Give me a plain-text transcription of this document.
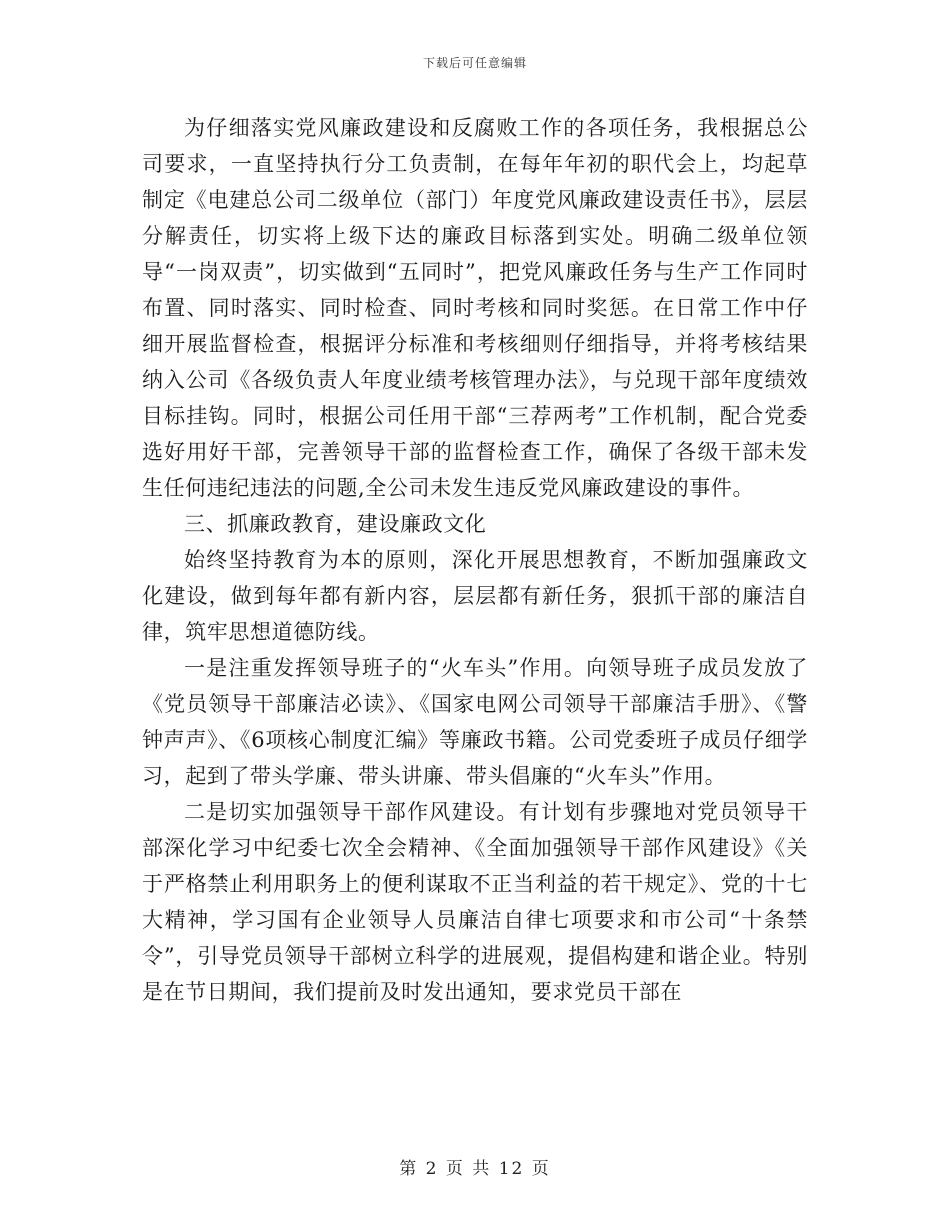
下载后可任意编辑

为仔细落实党风廉政建设和反腐败工作的各项任务，我根据总公司要求，一直坚持执行分工负责制，在每年年初的职代会上，均起草制定《电建总公司二级单位（部门）年度党风廉政建设责任书》，层层分解责任，切实将上级下达的廉政目标落到实处。明确二级单位领导“一岗双责”，切实做到“五同时”，把党风廉政任务与生产工作同时布置、同时落实、同时检查、同时考核和同时奖惩。在日常工作中仔细开展监督检查，根据评分标准和考核细则仔细指导，并将考核结果纳入公司《各级负责人年度业绩考核管理办法》，与兑现干部年度绩效目标挂钩。同时，根据公司任用干部“三荐两考”工作机制，配合党委选好用好干部，完善领导干部的监督检查工作，确保了各级干部未发生任何违纪违法的问题,全公司未发生违反党风廉政建设的事件。

三、抓廉政教育，建设廉政文化

始终坚持教育为本的原则，深化开展思想教育，不断加强廉政文化建设，做到每年都有新内容，层层都有新任务，狠抓干部的廉洁自律，筑牢思想道德防线。

一是注重发挥领导班子的“火车头”作用。向领导班子成员发放了《党员领导干部廉洁必读》、《国家电网公司领导干部廉洁手册》、《警钟声声》、《6项核心制度汇编》等廉政书籍。公司党委班子成员仔细学习，起到了带头学廉、带头讲廉、带头倡廉的“火车头”作用。

二是切实加强领导干部作风建设。有计划有步骤地对党员领导干部深化学习中纪委七次全会精神、《全面加强领导干部作风建设》《关于严格禁止利用职务上的便利谋取不正当利益的若干规定》、党的十七大精神，学习国有企业领导人员廉洁自律七项要求和市公司“十条禁令”，引导党员领导干部树立科学的进展观，提倡构建和谐企业。特别是在节日期间，我们提前及时发出通知，要求党员干部在

第 2 页 共 12 页
